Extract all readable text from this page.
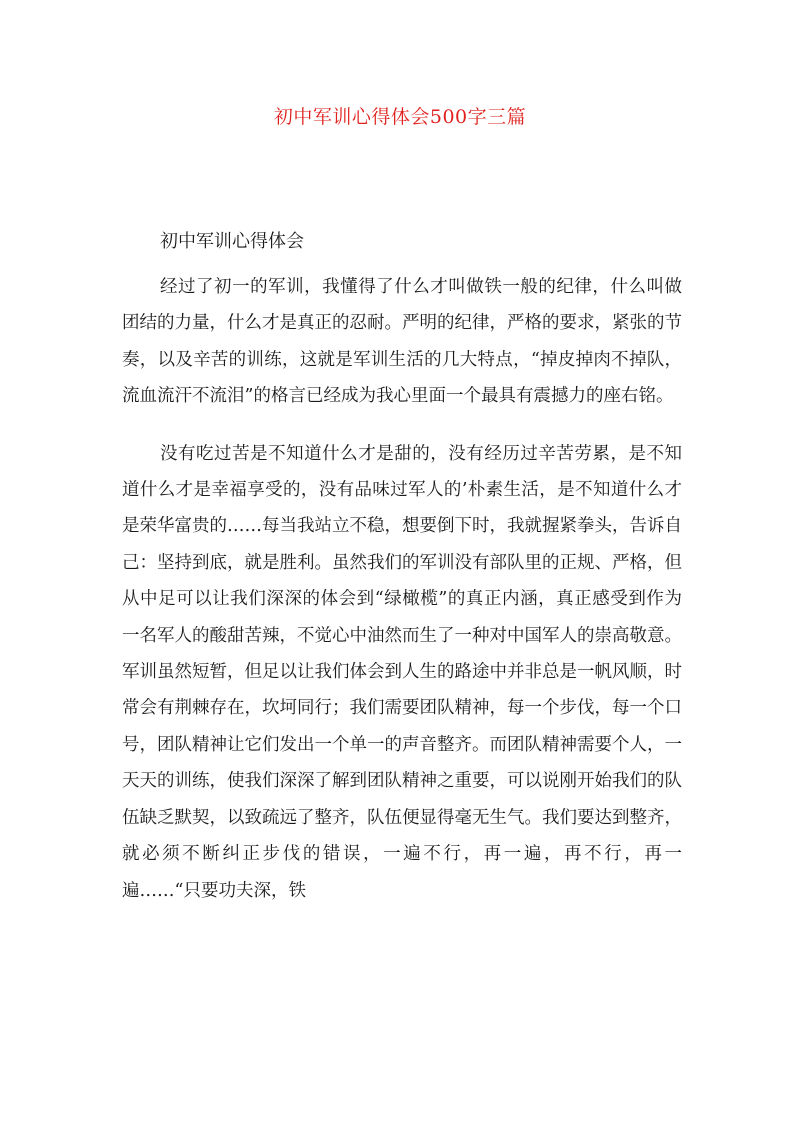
初中军训心得体会500字三篇
初中军训心得体会

经过了初一的军训，我懂得了什么才叫做铁一般的纪律，什么叫做团结的力量，什么才是真正的忍耐。严明的纪律，严格的要求，紧张的节奏，以及辛苦的训练，这就是军训生活的几大特点，“掉皮掉肉不掉队，流血流汗不流泪”的格言已经成为我心里面一个最具有震撼力的座右铭。

没有吃过苦是不知道什么才是甜的，没有经历过辛苦劳累，是不知道什么才是幸福享受的，没有品味过军人的’朴素生活，是不知道什么才是荣华富贵的……每当我站立不稳，想要倒下时，我就握紧拳头，告诉自己：坚持到底，就是胜利。虽然我们的军训没有部队里的正规、严格，但从中足可以让我们深深的体会到“绿橄榄”的真正内涵，真正感受到作为一名军人的酸甜苦辣，不觉心中油然而生了一种对中国军人的崇高敬意。军训虽然短暂，但足以让我们体会到人生的路途中并非总是一帆风顺，时常会有荆棘存在，坎坷同行；我们需要团队精神，每一个步伐，每一个口号，团队精神让它们发出一个单一的声音整齐。而团队精神需要个人，一天天的训练，使我们深深了解到团队精神之重要，可以说刚开始我们的队伍缺乏默契，以致疏远了整齐，队伍便显得毫无生气。我们要达到整齐，就必须不断纠正步伐的错误，一遍不行，再一遍，再不行，再一遍……“只要功夫深，铁
